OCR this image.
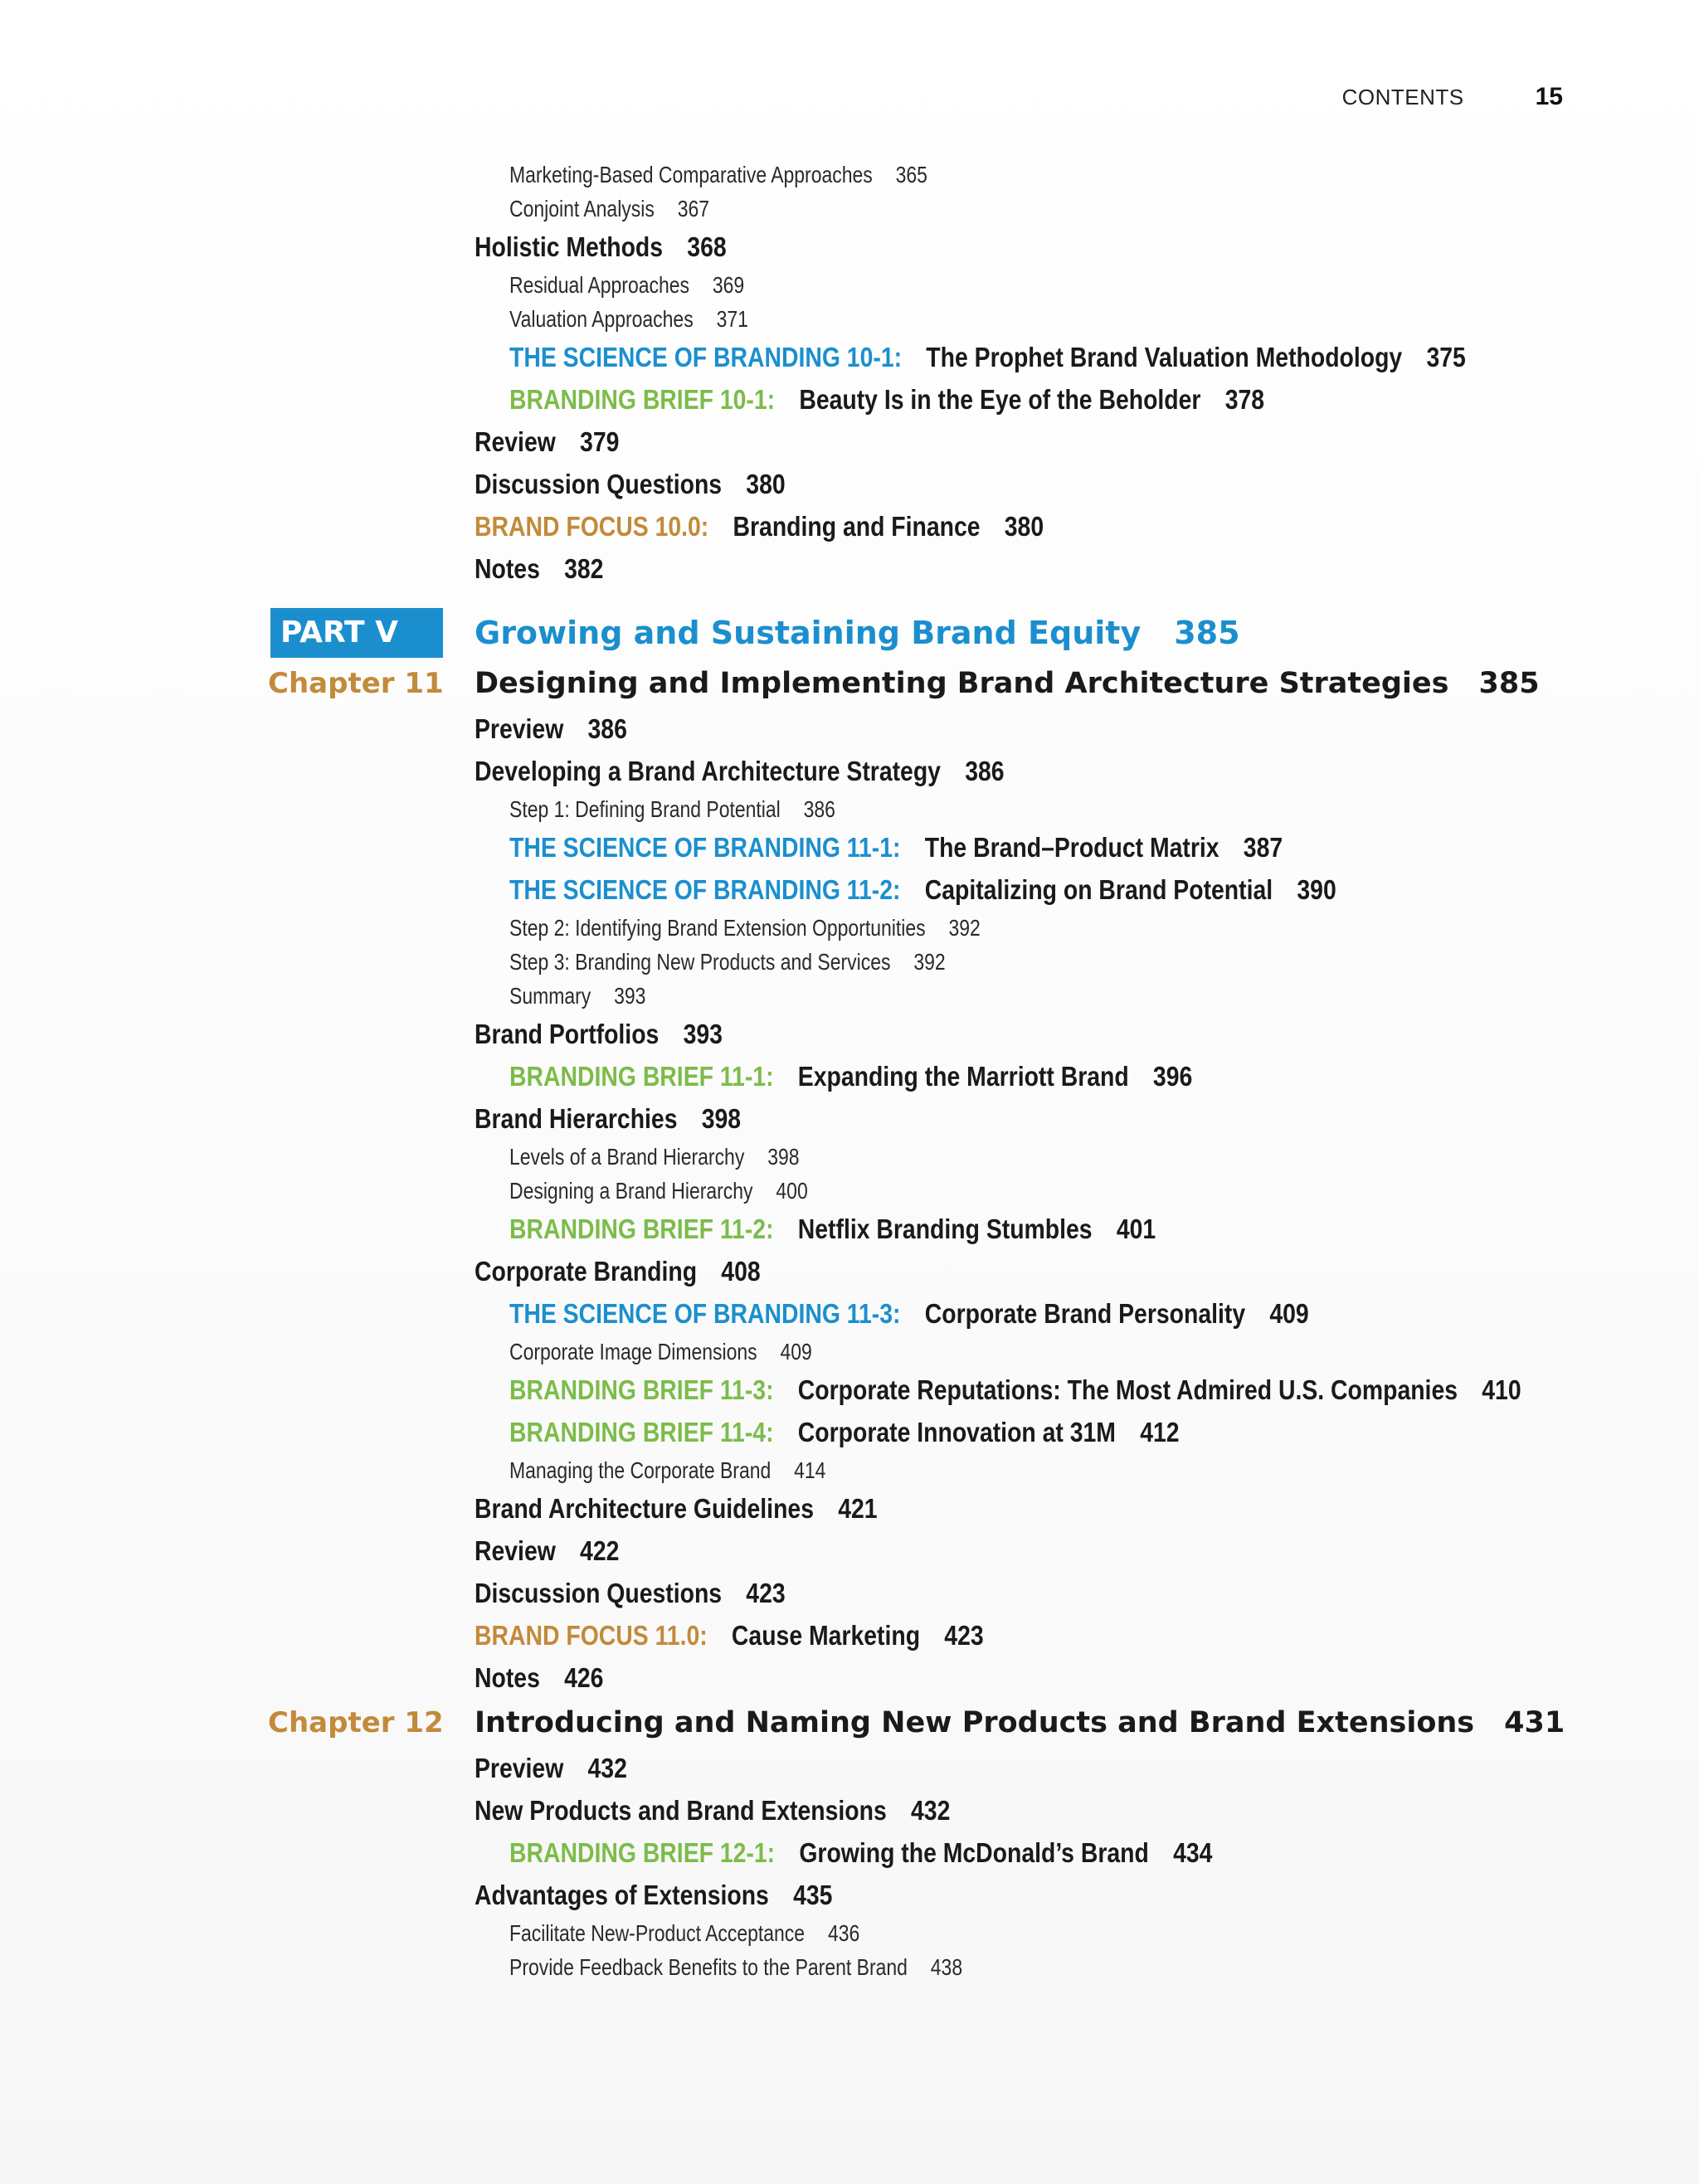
CONTENTS	15
Marketing-Based Comparative Approaches 365
Conjoint Analysis 367
Holistic Methods 368
Residual Approaches 369
Valuation Approaches 371
THE SCIENCE OF BRANDING 10-1: The Prophet Brand Valuation Methodology 375
BRANDING BRIEF 10-1: Beauty Is in the Eye of the Beholder 378
Review 379
Discussion Questions 380
BRAND FOCUS 10.0: Branding and Finance 380
Notes 382
PART V	Growing and Sustaining Brand Equity 385
Chapter 11 Designing and Implementing Brand Architecture Strategies 385
Preview 386
Developing a Brand Architecture Strategy 386
Step 1: Defining Brand Potential 386
THE SCIENCE OF BRANDING 11-1: The Brand–Product Matrix 387
THE SCIENCE OF BRANDING 11-2: Capitalizing on Brand Potential 390
Step 2: Identifying Brand Extension Opportunities 392
Step 3: Branding New Products and Services 392
Summary 393
Brand Portfolios 393
BRANDING BRIEF 11-1: Expanding the Marriott Brand 396
Brand Hierarchies 398
Levels of a Brand Hierarchy 398
Designing a Brand Hierarchy 400
BRANDING BRIEF 11-2: Netflix Branding Stumbles 401
Corporate Branding 408
THE SCIENCE OF BRANDING 11-3: Corporate Brand Personality 409
Corporate Image Dimensions 409
BRANDING BRIEF 11-3: Corporate Reputations: The Most Admired U.S. Companies 410
BRANDING BRIEF 11-4: Corporate Innovation at 31M 412
Managing the Corporate Brand 414
Brand Architecture Guidelines 421
Review 422
Discussion Questions 423
BRAND FOCUS 11.0: Cause Marketing 423
Notes 426
Chapter 12 Introducing and Naming New Products and Brand Extensions 431
Preview 432
New Products and Brand Extensions 432
BRANDING BRIEF 12-1: Growing the McDonald’s Brand 434
Advantages of Extensions 435
Facilitate New-Product Acceptance 436
Provide Feedback Benefits to the Parent Brand 438
